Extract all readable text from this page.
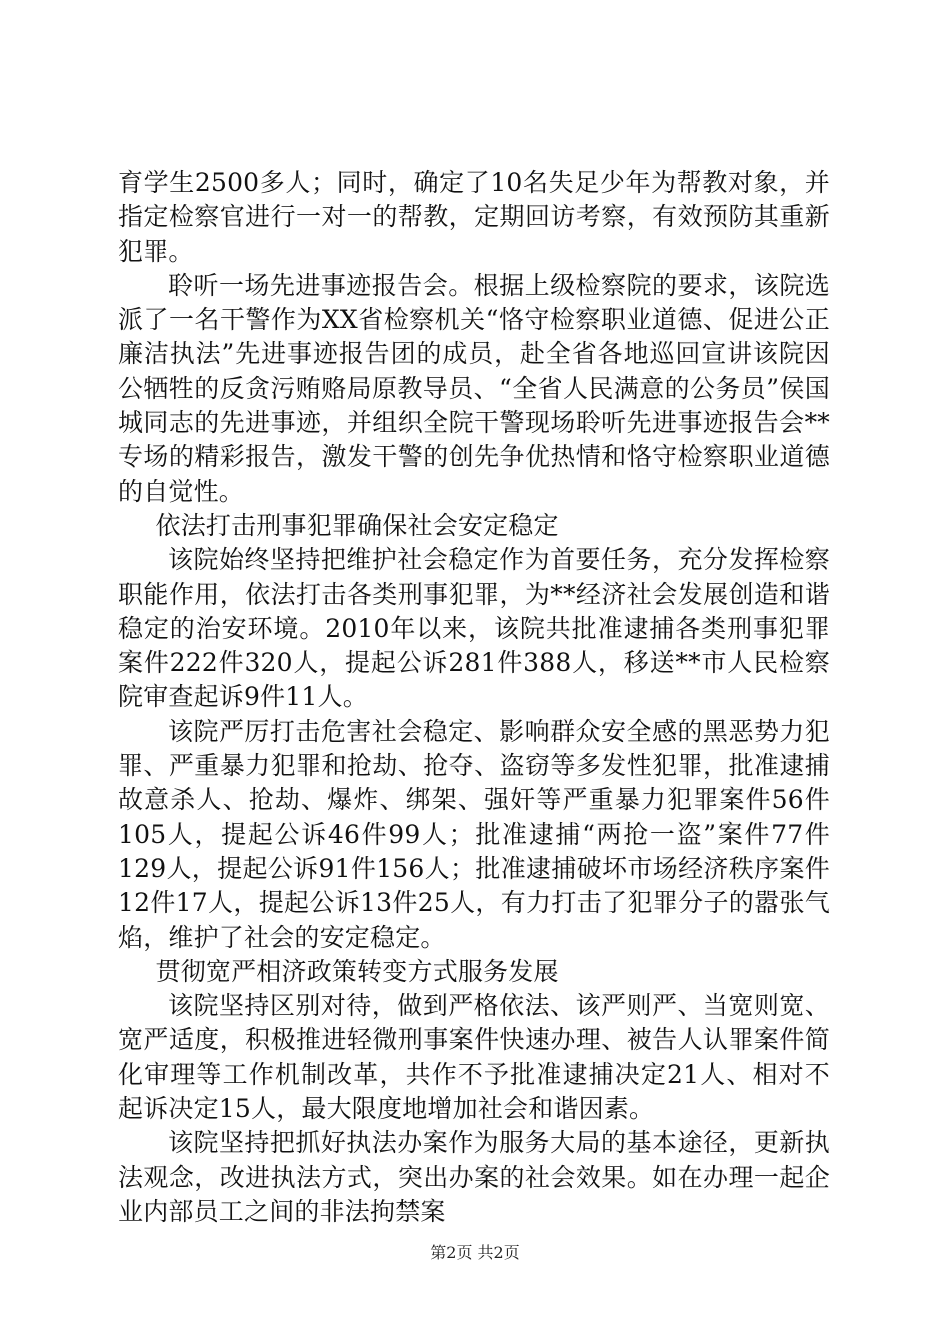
育学生2500多人；同时，确定了10名失足少年为帮教对象，并指定检察官进行一对一的帮教，定期回访考察，有效预防其重新犯罪。

聆听一场先进事迹报告会。根据上级检察院的要求，该院选派了一名干警作为XX省检察机关“恪守检察职业道德、促进公正廉洁执法”先进事迹报告团的成员，赴全省各地巡回宣讲该院因公牺牲的反贪污贿赂局原教导员、“全省人民满意的公务员”侯国城同志的先进事迹，并组织全院干警现场聆听先进事迹报告会**专场的精彩报告，激发干警的创先争优热情和恪守检察职业道德的自觉性。

依法打击刑事犯罪确保社会安定稳定

该院始终坚持把维护社会稳定作为首要任务，充分发挥检察职能作用，依法打击各类刑事犯罪，为**经济社会发展创造和谐稳定的治安环境。2010年以来，该院共批准逮捕各类刑事犯罪案件222件320人，提起公诉281件388人，移送**市人民检察院审查起诉9件11人。

该院严厉打击危害社会稳定、影响群众安全感的黑恶势力犯罪、严重暴力犯罪和抢劫、抢夺、盗窃等多发性犯罪，批准逮捕故意杀人、抢劫、爆炸、绑架、强奸等严重暴力犯罪案件56件105人，提起公诉46件99人；批准逮捕“两抢一盗”案件77件129人，提起公诉91件156人；批准逮捕破坏市场经济秩序案件12件17人，提起公诉13件25人，有力打击了犯罪分子的嚣张气焰，维护了社会的安定稳定。

贯彻宽严相济政策转变方式服务发展

该院坚持区别对待，做到严格依法、该严则严、当宽则宽、宽严适度，积极推进轻微刑事案件快速办理、被告人认罪案件简化审理等工作机制改革，共作不予批准逮捕决定21人、相对不起诉决定15人，最大限度地增加社会和谐因素。

该院坚持把抓好执法办案作为服务大局的基本途径，更新执法观念，改进执法方式，突出办案的社会效果。如在办理一起企业内部员工之间的非法拘禁案

第2页 共2页
